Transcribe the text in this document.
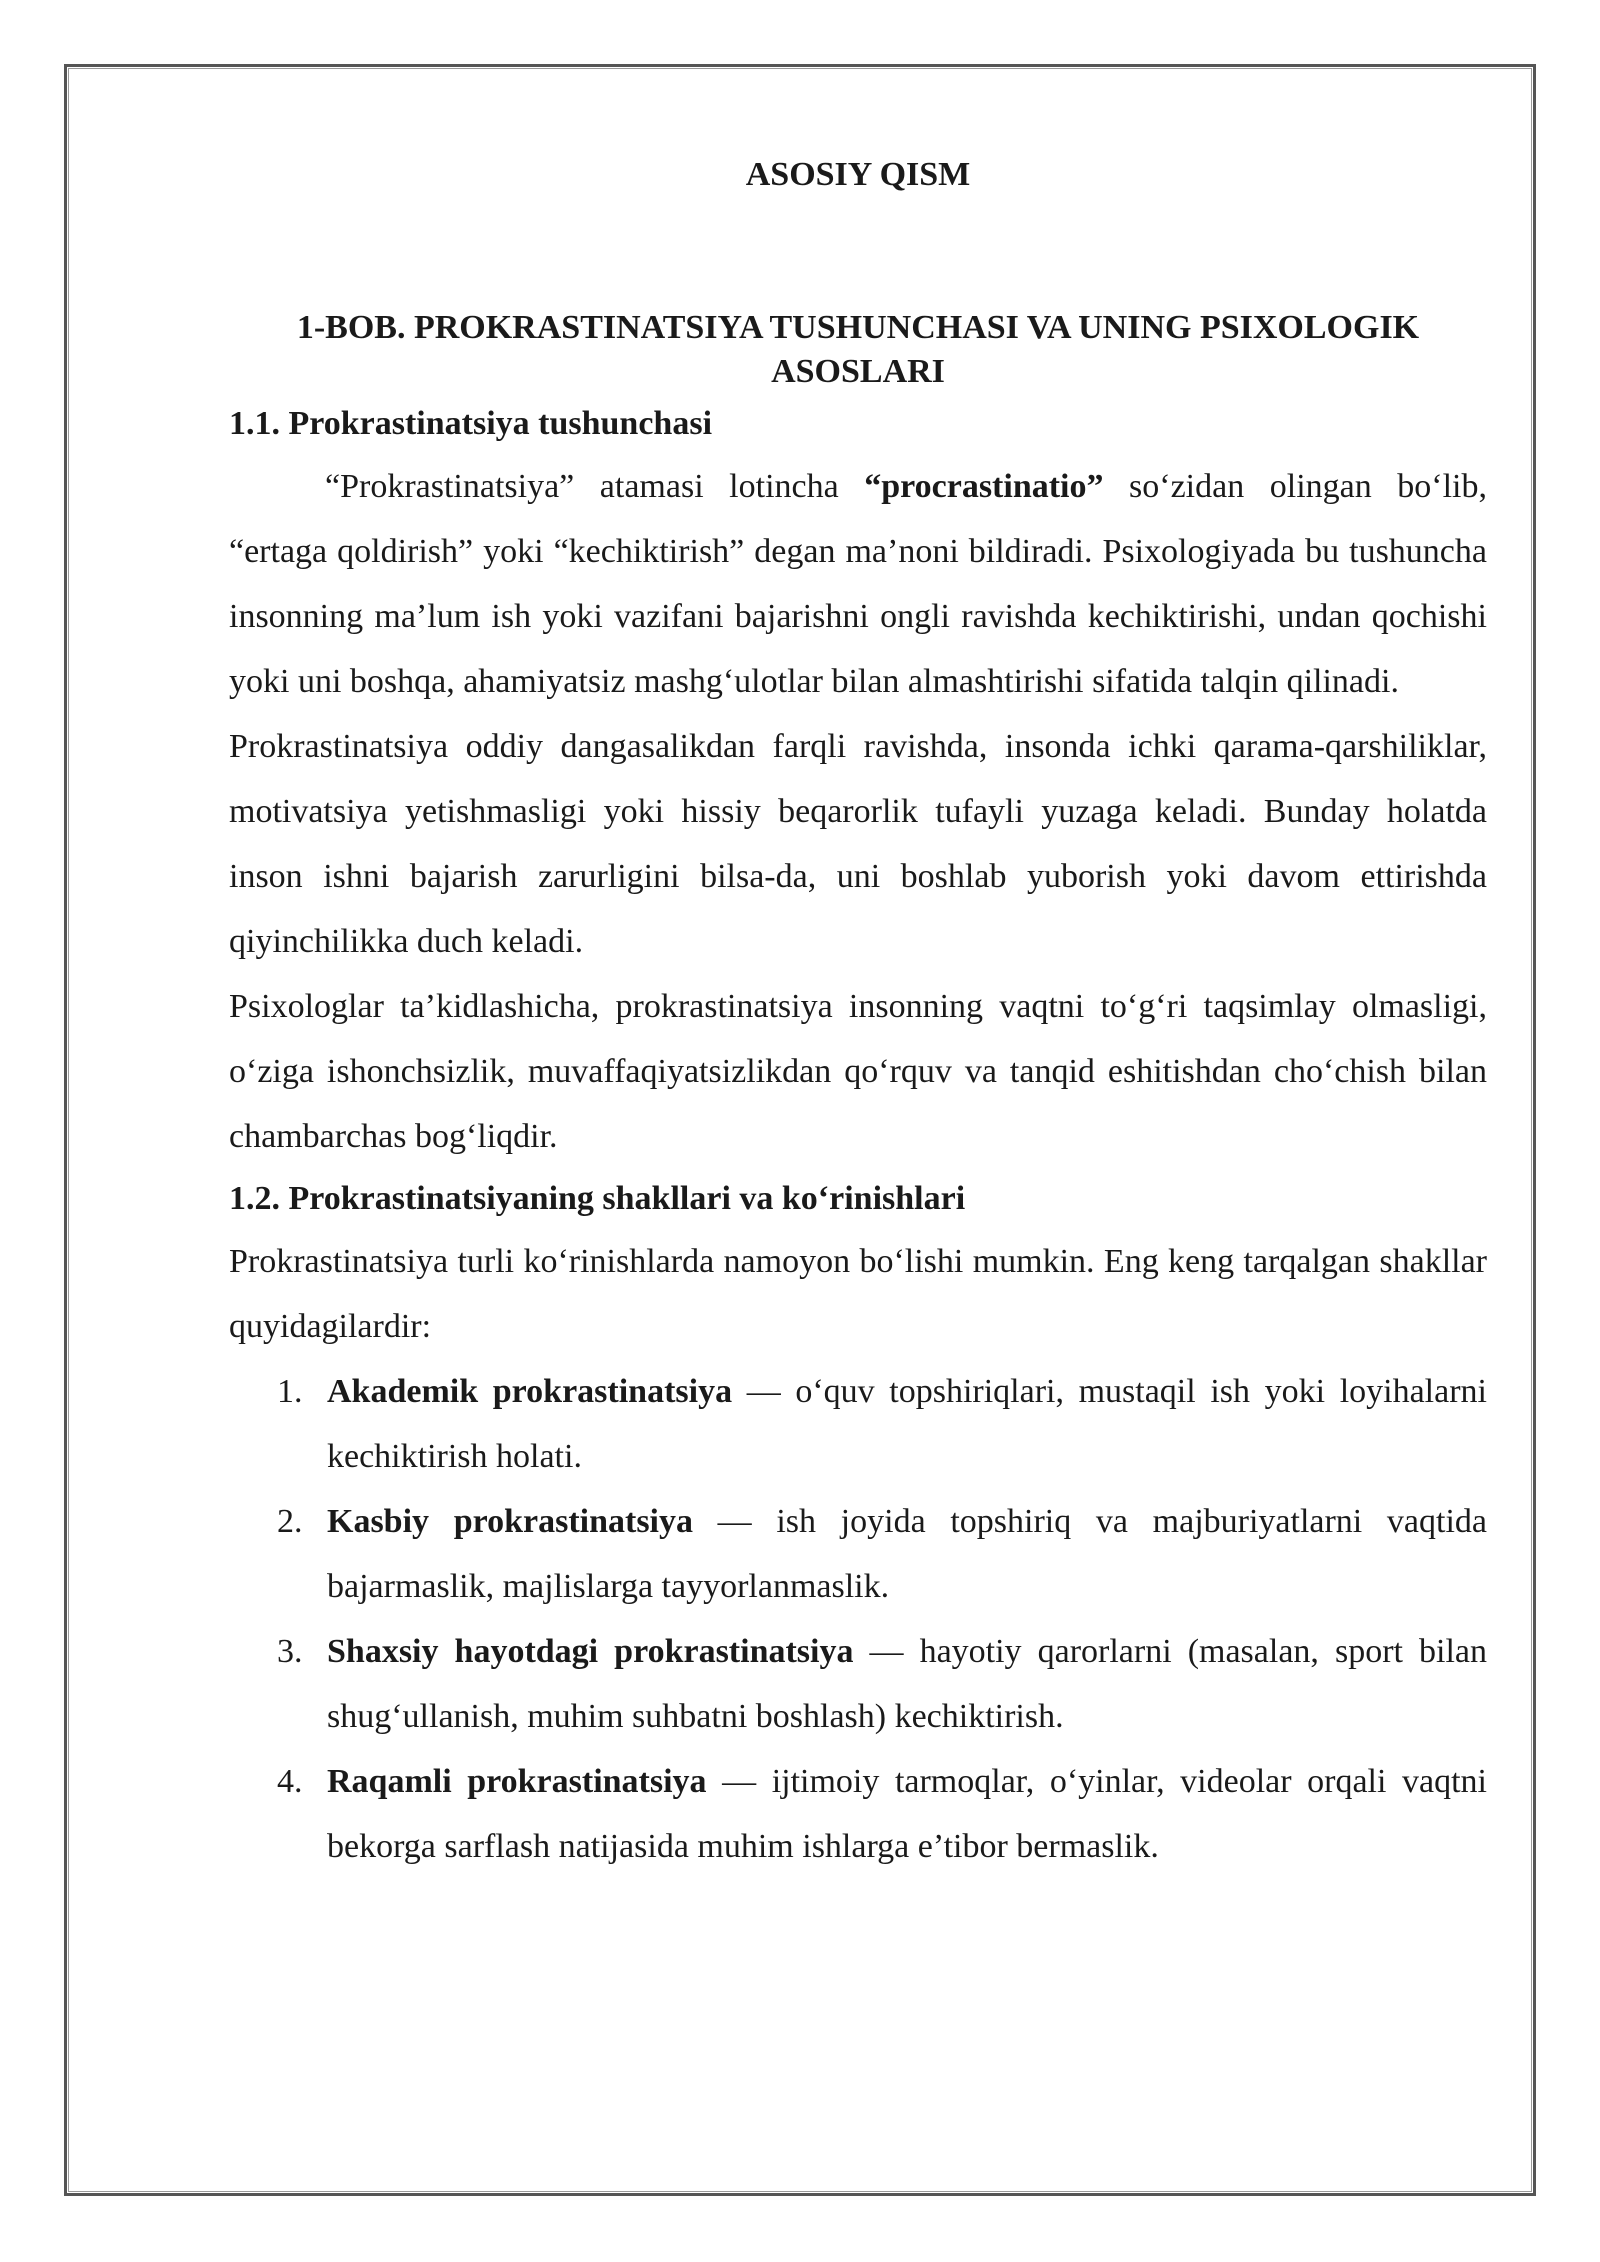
ASOSIY QISM
1-BOB. PROKRASTINATSIYA TUSHUNCHASI VA UNING PSIXOLOGIK ASOSLARI
1.1. Prokrastinatsiya tushunchasi

“Prokrastinatsiya” atamasi lotincha “procrastinatio” so‘zidan olingan bo‘lib, “ertaga qoldirish” yoki “kechiktirish” degan ma’noni bildiradi. Psixologiyada bu tushuncha insonning ma’lum ish yoki vazifani bajarishni ongli ravishda kechiktirishi, undan qochishi yoki uni boshqa, ahamiyatsiz mashg‘ulotlar bilan almashtirishi sifatida talqin qilinadi.

Prokrastinatsiya oddiy dangasalikdan farqli ravishda, insonda ichki qarama-qarshiliklar, motivatsiya yetishmasligi yoki hissiy beqarorlik tufayli yuzaga keladi. Bunday holatda inson ishni bajarish zarurligini bilsa-da, uni boshlab yuborish yoki davom ettirishda qiyinchilikka duch keladi.

Psixologlar ta’kidlashicha, prokrastinatsiya insonning vaqtni to‘g‘ri taqsimlay olmasligi, o‘ziga ishonchsizlik, muvaffaqiyatsizlikdan qo‘rquv va tanqid eshitishdan cho‘chish bilan chambarchas bog‘liqdir.

1.2. Prokrastinatsiyaning shakllari va ko‘rinishlari

Prokrastinatsiya turli ko‘rinishlarda namoyon bo‘lishi mumkin. Eng keng tarqalgan shakllar quyidagilardir:

1. Akademik prokrastinatsiya — o‘quv topshiriqlari, mustaqil ish yoki loyihalarni kechiktirish holati.
2. Kasbiy prokrastinatsiya — ish joyida topshiriq va majburiyatlarni vaqtida bajarmaslik, majlislarga tayyorlanmaslik.
3. Shaxsiy hayotdagi prokrastinatsiya — hayotiy qarorlarni (masalan, sport bilan shug‘ullanish, muhim suhbatni boshlash) kechiktirish.
4. Raqamli prokrastinatsiya — ijtimoiy tarmoqlar, o‘yinlar, videolar orqali vaqtni bekorga sarflash natijasida muhim ishlarga e’tibor bermaslik.
